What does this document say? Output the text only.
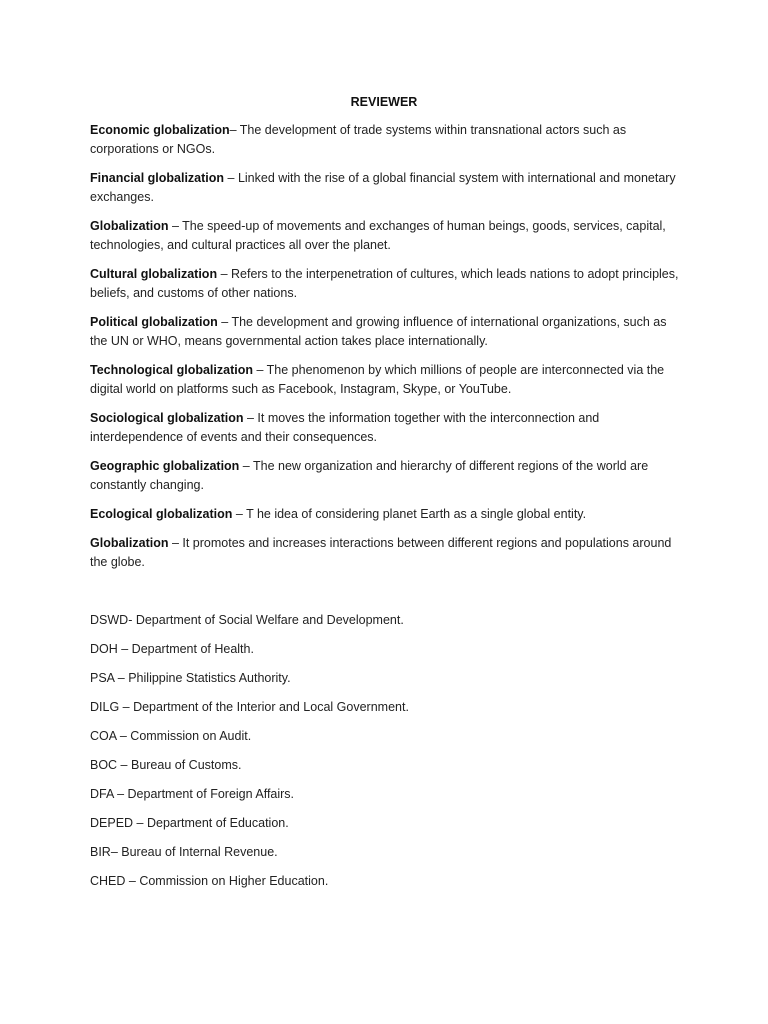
REVIEWER

Economic globalization– The development of trade systems within transnational actors such as corporations or NGOs.

Financial globalization – Linked with the rise of a global financial system with international and monetary exchanges.

Globalization – The speed-up of movements and exchanges of human beings, goods, services, capital, technologies, and cultural practices all over the planet.

Cultural globalization – Refers to the interpenetration of cultures, which leads nations to adopt principles, beliefs, and customs of other nations.

Political globalization – The development and growing influence of international organizations, such as the UN or WHO, means governmental action takes place internationally.

Technological globalization – The phenomenon by which millions of people are interconnected via the digital world on platforms such as Facebook, Instagram, Skype, or YouTube.

Sociological globalization – It moves the information together with the interconnection and interdependence of events and their consequences.

Geographic globalization – The new organization and hierarchy of different regions of the world are constantly changing.

Ecological globalization – T he idea of considering planet Earth as a single global entity.

Globalization – It promotes and increases interactions between different regions and populations around the globe.

DSWD- Department of Social Welfare and Development.

DOH – Department of Health.

PSA – Philippine Statistics Authority.

DILG – Department of the Interior and Local Government.

COA – Commission on Audit.

BOC – Bureau of Customs.

DFA – Department of Foreign Affairs.

DEPED – Department of Education.

BIR– Bureau of Internal Revenue.

CHED – Commission on Higher Education.
